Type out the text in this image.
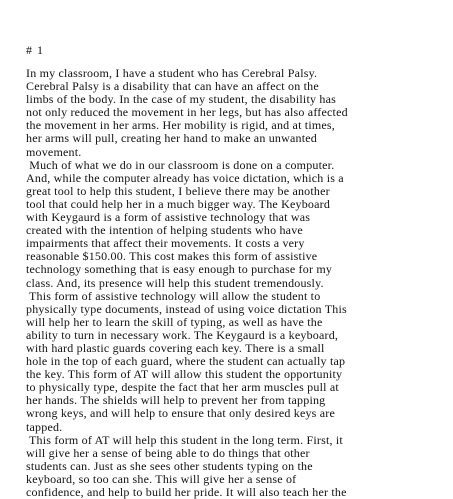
# 1

In my classroom, I have a student who has Cerebral Palsy.
Cerebral Palsy is a disability that can have an affect on the
limbs of the body. In the case of my student, the disability has
not only reduced the movement in her legs, but has also affected
the movement in her arms. Her mobility is rigid, and at times,
her arms will pull, creating her hand to make an unwanted
movement.
Much of what we do in our classroom is done on a computer.
And, while the computer already has voice dictation, which is a
great tool to help this student, I believe there may be another
tool that could help her in a much bigger way. The Keyboard
with Keygaurd is a form of assistive technology that was
created with the intention of helping students who have
impairments that affect their movements. It costs a very
reasonable $150.00. This cost makes this form of assistive
technology something that is easy enough to purchase for my
class. And, its presence will help this student tremendously.
This form of assistive technology will allow the student to
physically type documents, instead of using voice dictation This
will help her to learn the skill of typing, as well as have the
ability to turn in necessary work. The Keygaurd is a keyboard,
with hard plastic guards covering each key. There is a small
hole in the top of each guard, where the student can actually tap
the key. This form of AT will allow this student the opportunity
to physically type, despite the fact that her arm muscles pull at
her hands. The shields will help to prevent her from tapping
wrong keys, and will help to ensure that only desired keys are
tapped.
This form of AT will help this student in the long term. First, it
will give her a sense of being able to do things that other
students can. Just as she sees other students typing on the
keyboard, so too can she. This will give her a sense of
confidence, and help to build her pride. It will also teach her the
